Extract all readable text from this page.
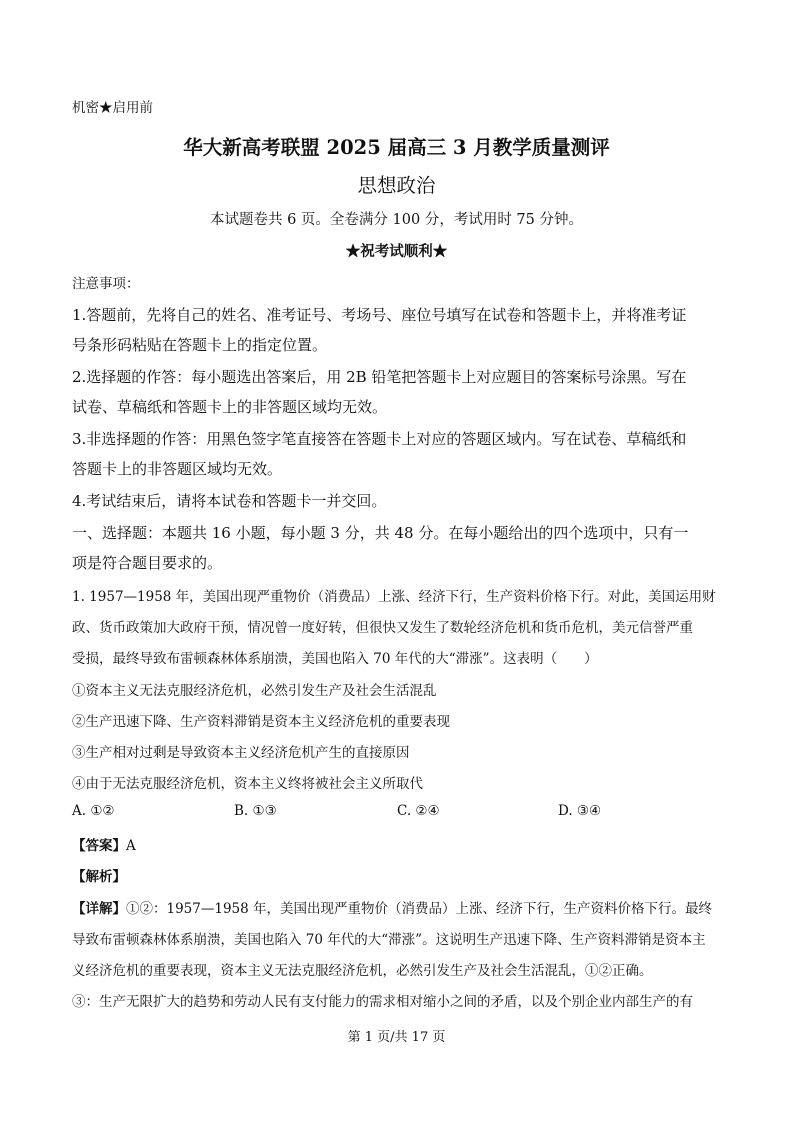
机密★启用前
华大新高考联盟 2025 届高三 3 月教学质量测评
思想政治
本试题卷共 6 页。全卷满分 100 分，考试用时 75 分钟。
★祝考试顺利★
注意事项：
1.答题前，先将自己的姓名、准考证号、考场号、座位号填写在试卷和答题卡上，并将准考证
号条形码粘贴在答题卡上的指定位置。
2.选择题的作答：每小题选出答案后，用 2B 铅笔把答题卡上对应题目的答案标号涂黑。写在
试卷、草稿纸和答题卡上的非答题区域均无效。
3.非选择题的作答：用黑色签字笔直接答在答题卡上对应的答题区域内。写在试卷、草稿纸和
答题卡上的非答题区域均无效。
4.考试结束后，请将本试卷和答题卡一并交回。
一、选择题：本题共 16 小题，每小题 3 分，共 48 分。在每小题给出的四个选项中，只有一
项是符合题目要求的。
1. 1957—1958 年，美国出现严重物价（消费品）上涨、经济下行，生产资料价格下行。对此，美国运用财
政、货币政策加大政府干预，情况曾一度好转，但很快又发生了数轮经济危机和货币危机，美元信誉严重
受损，最终导致布雷顿森林体系崩溃，美国也陷入 70 年代的大“滞涨”。这表明（　　）
①资本主义无法克服经济危机，必然引发生产及社会生活混乱
②生产迅速下降、生产资料滞销是资本主义经济危机的重要表现
③生产相对过剩是导致资本主义经济危机产生的直接原因
④由于无法克服经济危机，资本主义终将被社会主义所取代
A. ①②	B. ①③	C. ②④	D. ③④
【答案】A
【解析】
【详解】①②：1957—1958 年，美国出现严重物价（消费品）上涨、经济下行，生产资料价格下行。最终
导致布雷顿森林体系崩溃，美国也陷入 70 年代的大“滞涨”。这说明生产迅速下降、生产资料滞销是资本主
义经济危机的重要表现，资本主义无法克服经济危机，必然引发生产及社会生活混乱，①②正确。
③：生产无限扩大的趋势和劳动人民有支付能力的需求相对缩小之间的矛盾，以及个别企业内部生产的有
第 1 页/共 17 页
